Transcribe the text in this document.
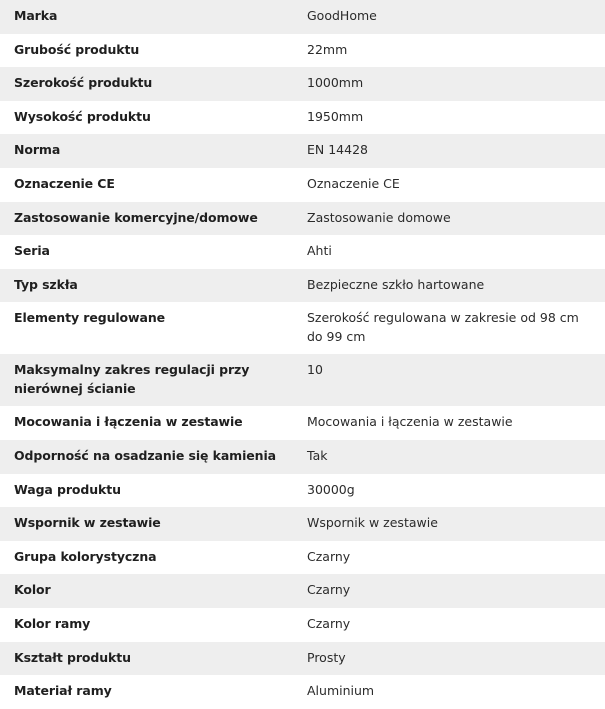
Marka	GoodHome
Grubość produktu	22mm
Szerokość produktu	1000mm
Wysokość produktu	1950mm
Norma	EN 14428
Oznaczenie CE	Oznaczenie CE
Zastosowanie komercyjne/domowe	Zastosowanie domowe
Seria	Ahti
Typ szkła	Bezpieczne szkło hartowane
Elementy regulowane	Szerokość regulowana w zakresie od 98 cm do 99 cm
Maksymalny zakres regulacji przy nierównej ścianie	10
Mocowania i łączenia w zestawie	Mocowania i łączenia w zestawie
Odporność na osadzanie się kamienia	Tak
Waga produktu	30000g
Wspornik w zestawie	Wspornik w zestawie
Grupa kolorystyczna	Czarny
Kolor	Czarny
Kolor ramy	Czarny
Kształt produktu	Prosty
Materiał ramy	Aluminium
